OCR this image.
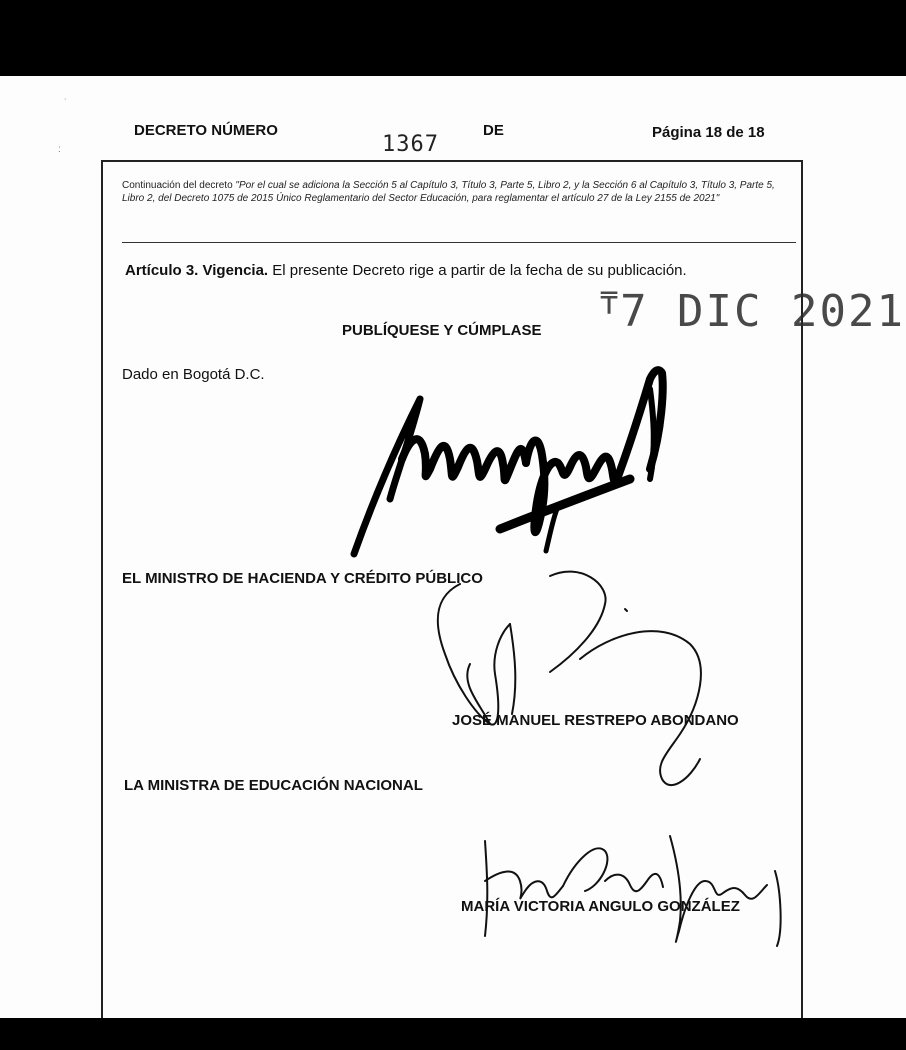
˙
:
DECRETO NÚMERO
1367
DE	Página 18 de 18
Continuación del decreto "Por el cual se adiciona la Sección 5 al Capítulo 3, Título 3, Parte 5, Libro 2, y la Sección 6 al Capítulo 3, Título 3, Parte 5, Libro 2, del Decreto 1075 de 2015 Único Reglamentario del Sector Educación, para reglamentar el artículo 27 de la Ley 2155 de 2021"
Artículo 3. Vigencia. El presente Decreto rige a partir de la fecha de su publicación.
PUBLÍQUESE Y CÚMPLASE
₸7 DIC 2021
Dado en Bogotá D.C.
EL MINISTRO DE HACIENDA Y CRÉDITO PÚBLICO
JOSÉ MANUEL RESTREPO ABONDANO
LA MINISTRA DE EDUCACIÓN NACIONAL
MARÍA VICTORIA ANGULO GONZÁLEZ
